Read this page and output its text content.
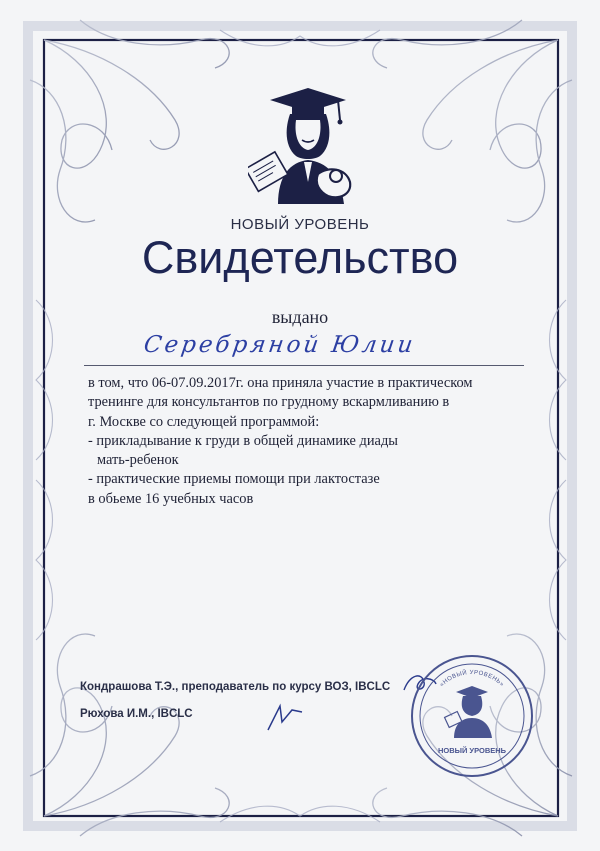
НОВЫЙ УРОВЕНЬ
Свидетельство
выдано
Серебряной Юлии
в том, что 06-07.09.2017г. она приняла участие в практическом
тренинге для консультантов по грудному вскармливанию в
г. Москве со следующей программой:
- прикладывание к груди в общей динамике диады
мать-ребенок
- практические приемы помощи при лактостазе
в обьеме 16 учебных часов
Кондрашова Т.Э., преподаватель по курсу ВОЗ, IBCLC
Рюхова И.М., IBCLC
«НОВЫЙ УРОВЕНЬ»
НОВЫЙ УРОВЕНЬ
